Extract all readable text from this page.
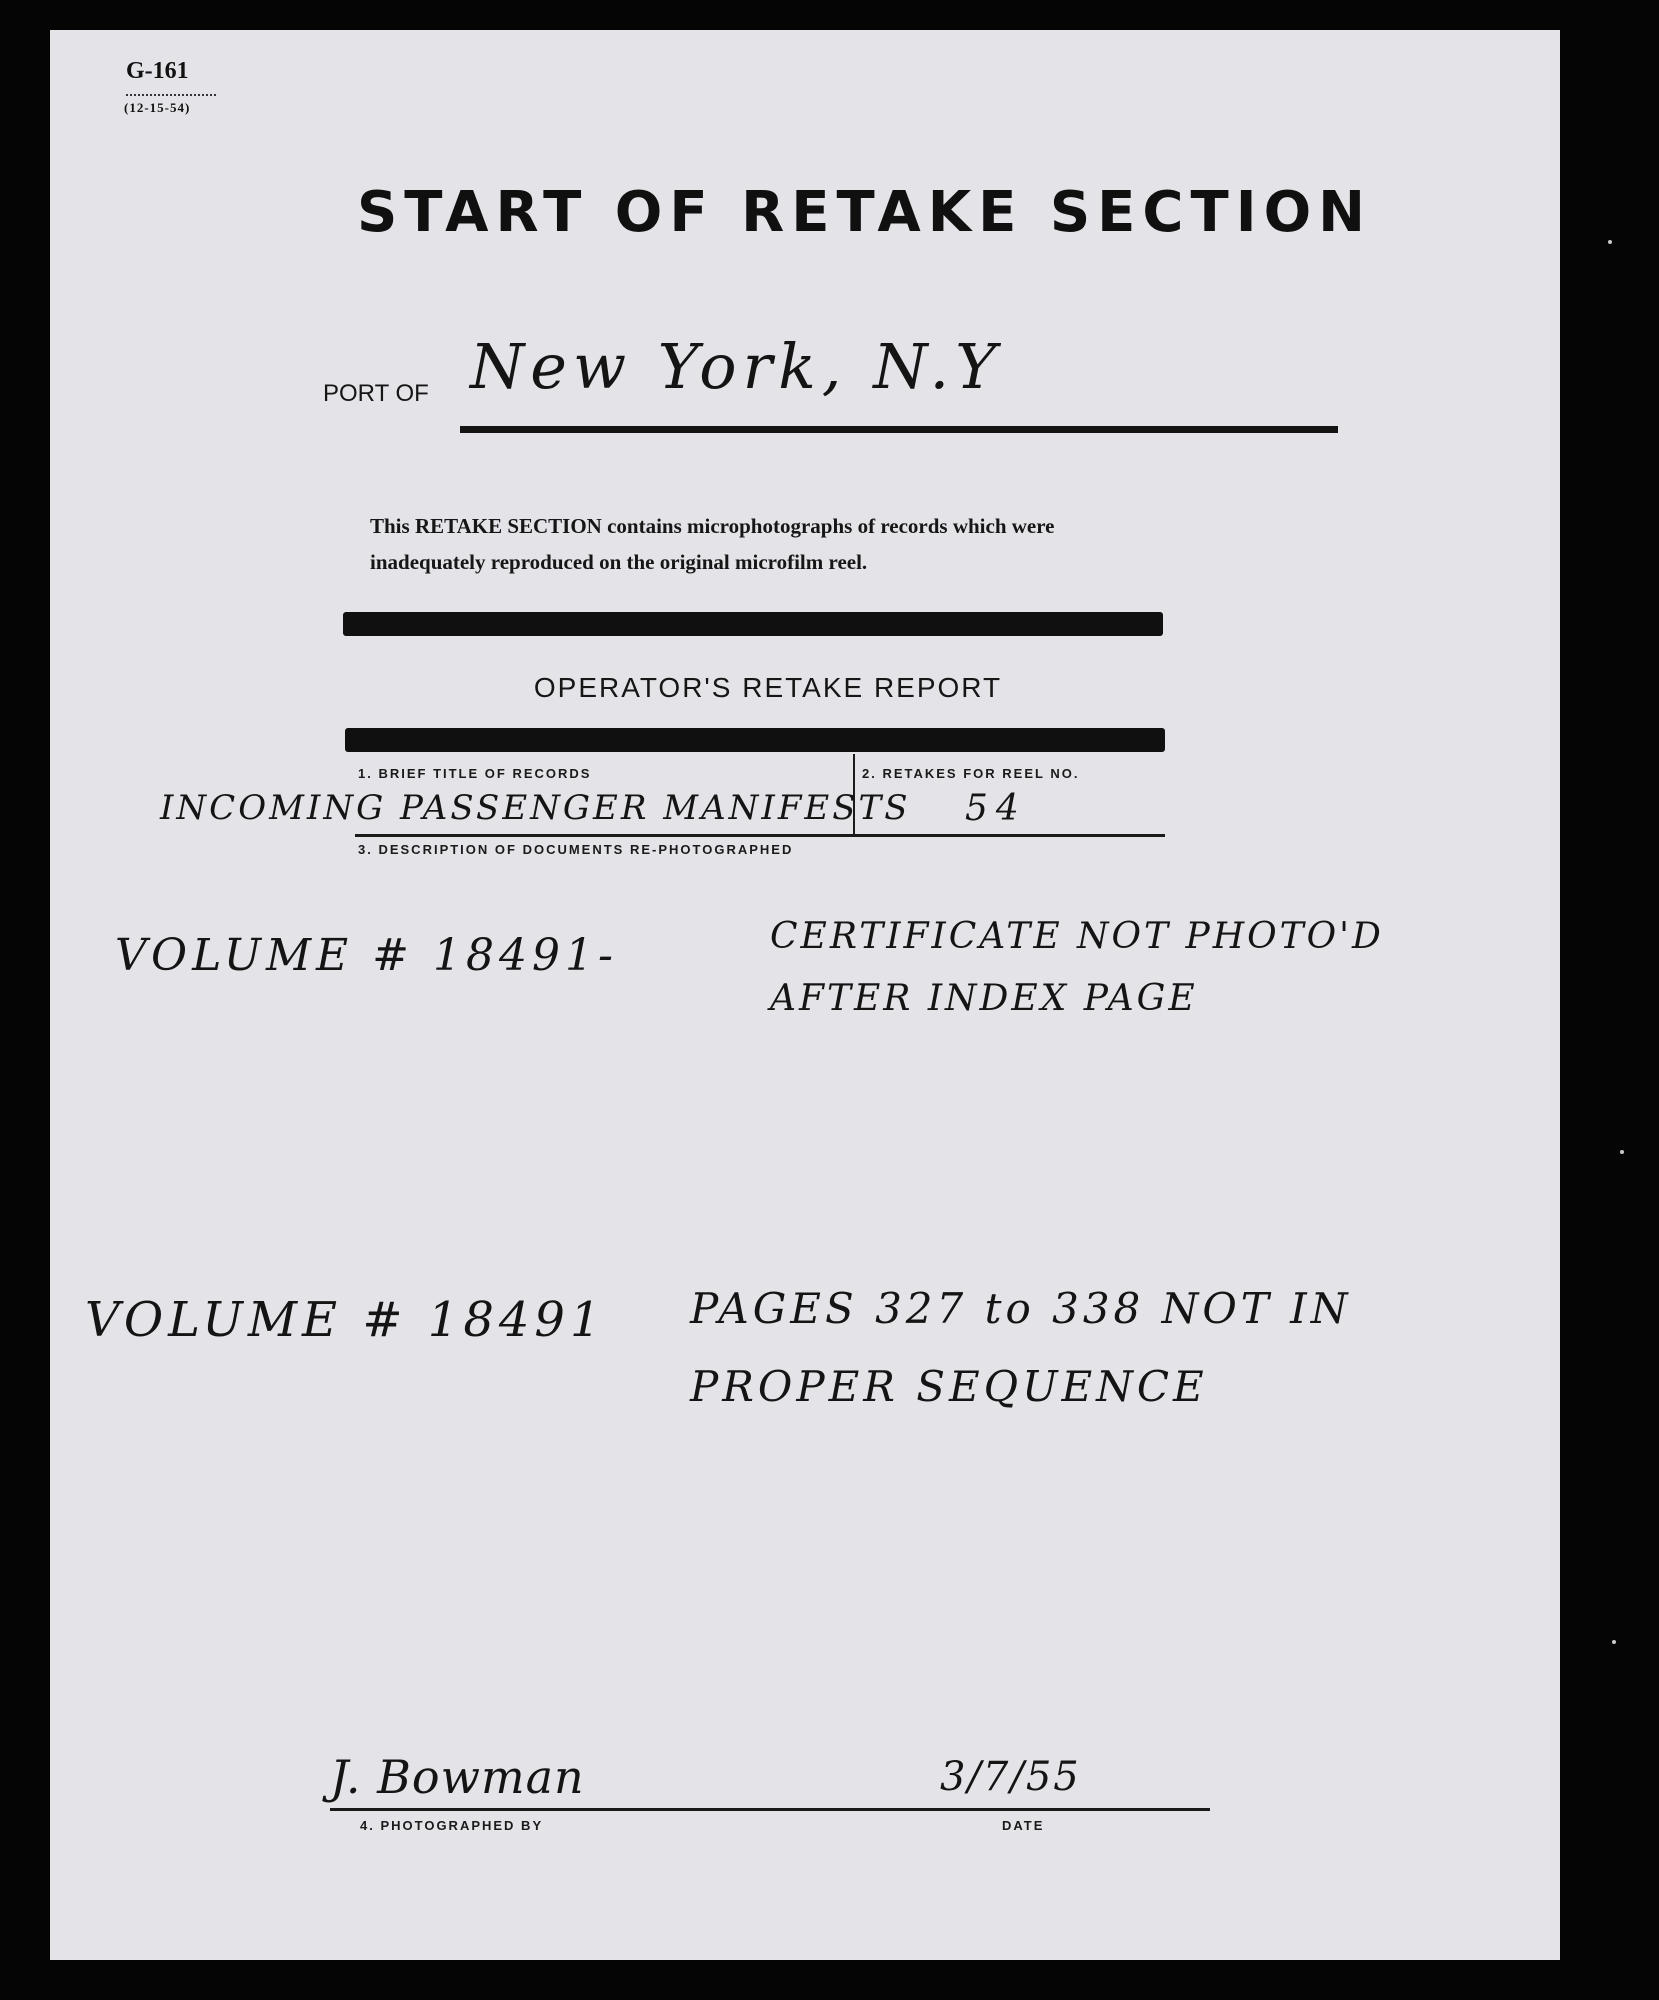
G-161
(12-15-54)
START OF RETAKE SECTION
PORT OF New York, N.Y
This RETAKE SECTION contains microphotographs of records which were inadequately reproduced on the original microfilm reel.
OPERATOR'S RETAKE REPORT
1. BRIEF TITLE OF RECORDS	2. RETAKES FOR REEL NO.
INCOMING PASSENGER MANIFESTS 54
3. DESCRIPTION OF DOCUMENTS RE-PHOTOGRAPHED
VOLUME # 18491-	CERTIFICATE NOT PHOTO'D AFTER INDEX PAGE
VOLUME # 18491 PAGES 327 to 338 NOT IN PROPER SEQUENCE
J. Bowman	3/7/55
4. PHOTOGRAPHED BY	DATE
